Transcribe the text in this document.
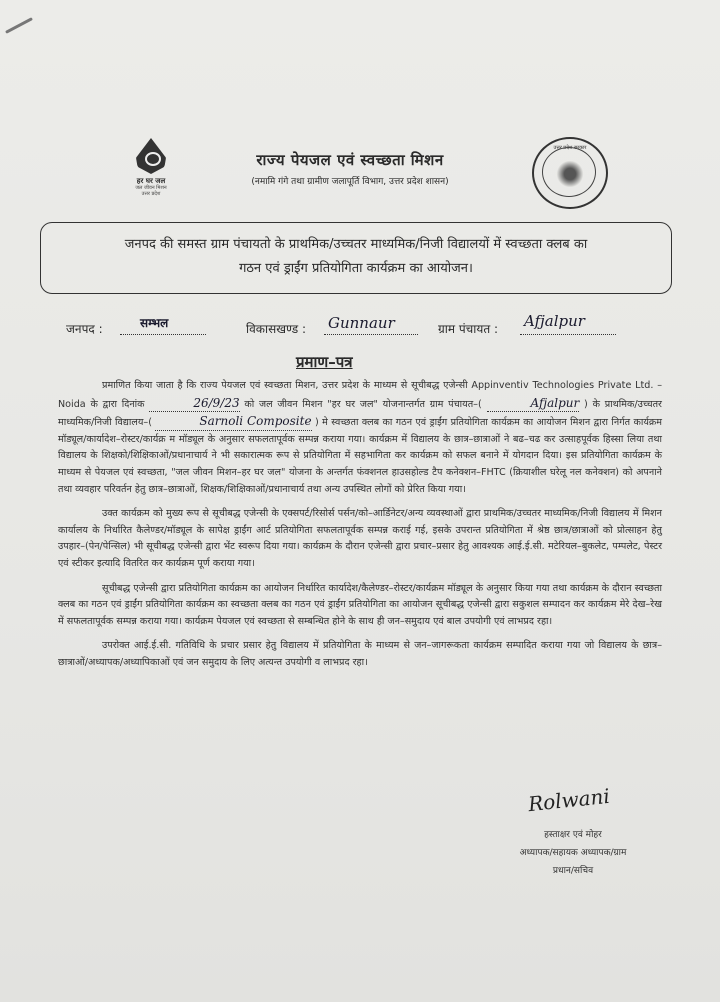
हर घर जल
जल जीवन मिशन
उत्तर प्रदेश
राज्य पेयजल एवं स्वच्छता मिशन
(नमामि गंगे तथा ग्रामीण जलापूर्ति विभाग, उत्तर प्रदेश शासन)
उत्तर प्रदेश सरकार
जनपद की समस्त ग्राम पंचायतो के प्राथमिक/उच्चतर माध्यमिक/निजी विद्यालयों में स्वच्छता क्लब का
गठन एवं ड्राईंग प्रतियोगिता कार्यक्रम का आयोजन।
जनपद :	सम्भल	विकासखण्ड : Gunnaur	ग्राम पंचायत : Afjalpur
प्रमाण–पत्र

प्रमाणित किया जाता है कि राज्य पेयजल एवं स्वच्छता मिशन, उत्तर प्रदेश के माध्यम से सूचीबद्ध एजेन्सी Appinventiv Technologies Private Ltd. – Noida के द्वारा दिनांक	26/9/23 को जल जीवन मिशन "हर घर जल" योजनान्तर्गत ग्राम पंचायत–(	Afjalpur ) के प्राथमिक/उच्चतर माध्यमिक/निजी विद्यालय–(	Sarnoli Composite ) मे स्वच्छता क्लब का गठन एवं ड्राईंग प्रतियोगिता कार्यक्रम का आयोजन मिशन द्वारा निर्गत कार्यक्रम मॉड्यूल/कार्यादेश–रोस्टर/कार्यक्र म मॉड्यूल के अनुसार सफलतापूर्वक सम्पन्न कराया गया। कार्यक्रम में विद्यालय के छात्र–छात्राओं ने बढ–चढ कर उत्साहपूर्वक हिस्सा लिया तथा विद्यालय के शिक्षको/शिक्षिकाओं/प्रधानाचार्य ने भी सकारात्मक रूप से प्रतियोगिता में सहभागिता कर कार्यक्रम को सफल बनाने में योगदान दिया। इस प्रतियोगिता कार्यक्रम के माध्यम से पेयजल एवं स्वच्छता, "जल जीवन मिशन–हर घर जल" योजना के अन्तर्गत फंक्शनल हाउसहोल्ड टैप कनेक्शन–FHTC (क्रियाशील घरेलू नल कनेक्शन) को अपनाने तथा व्यवहार परिवर्तन हेतु छात्र–छात्राओं, शिक्षक/शिक्षिकाओं/प्रधानाचार्य तथा अन्य उपस्थित लोगों को प्रेरित किया गया।

उक्त कार्यक्रम को मुख्य रूप से सूचीबद्ध एजेन्सी के एक्सपर्ट/रिसोर्स पर्सन/को–आर्डिनेटर/अन्य व्यवस्थाओं द्वारा प्राथमिक/उच्चतर माध्यमिक/निजी विद्यालय में मिशन कार्यालय के निर्धारित कैलेण्डर/मॉड्यूल के सापेक्ष ड्राईंग आर्ट प्रतियोगिता सफलतापूर्वक सम्पन्न कराई गई, इसके उपरान्त प्रतियोगिता में श्रेष्ठ छात्र/छात्राओं को प्रोत्साहन हेतु उपहार–(पेन/पेन्सिल) भी सूचीबद्ध एजेन्सी द्वारा भेंट स्वरूप दिया गया। कार्यक्रम के दौरान एजेन्सी द्वारा प्रचार–प्रसार हेतु आवश्यक आई.ई.सी. मटेरियल–बुकलेट, पम्पलेट, पेस्टर एवं स्टीकर इत्यादि वितरित कर कार्यक्रम पूर्ण कराया गया।

सूचीबद्ध एजेन्सी द्वारा प्रतियोगिता कार्यक्रम का आयोजन निर्धारित कार्यादेश/कैलेण्डर–रोस्टर/कार्यक्रम मॉड्यूल के अनुसार किया गया तथा कार्यक्रम के दौरान स्वच्छता क्लब का गठन एवं ड्राईंग प्रतियोगिता कार्यक्रम का स्वच्छता क्लब का गठन एवं ड्राईंग प्रतियोगिता का आयोजन सूचीबद्ध एजेन्सी द्वारा सकुशल सम्पादन कर कार्यक्रम मेरे देख–रेख में सफलतापूर्वक सम्पन्न कराया गया। कार्यक्रम पेयजल एवं स्वच्छता से सम्बन्धित होने के साथ ही जन–समुदाय एवं बाल उपयोगी एवं लाभप्रद रहा।

उपरोक्त आई.ई.सी. गतिविधि के प्रचार प्रसार हेतु विद्यालय में प्रतियोगिता के माध्यम से जन–जागरूकता कार्यक्रम सम्पादित कराया गया जो विद्यालय के छात्र–छात्राओं/अध्यापक/अध्यापिकाओं एवं जन समुदाय के लिए अत्यन्त उपयोगी व लाभप्रद रहा।

Rolwani
हस्ताक्षर एवं मोहर
अध्यापक/सहायक अध्यापक/ग्राम
प्रधान/सचिव
